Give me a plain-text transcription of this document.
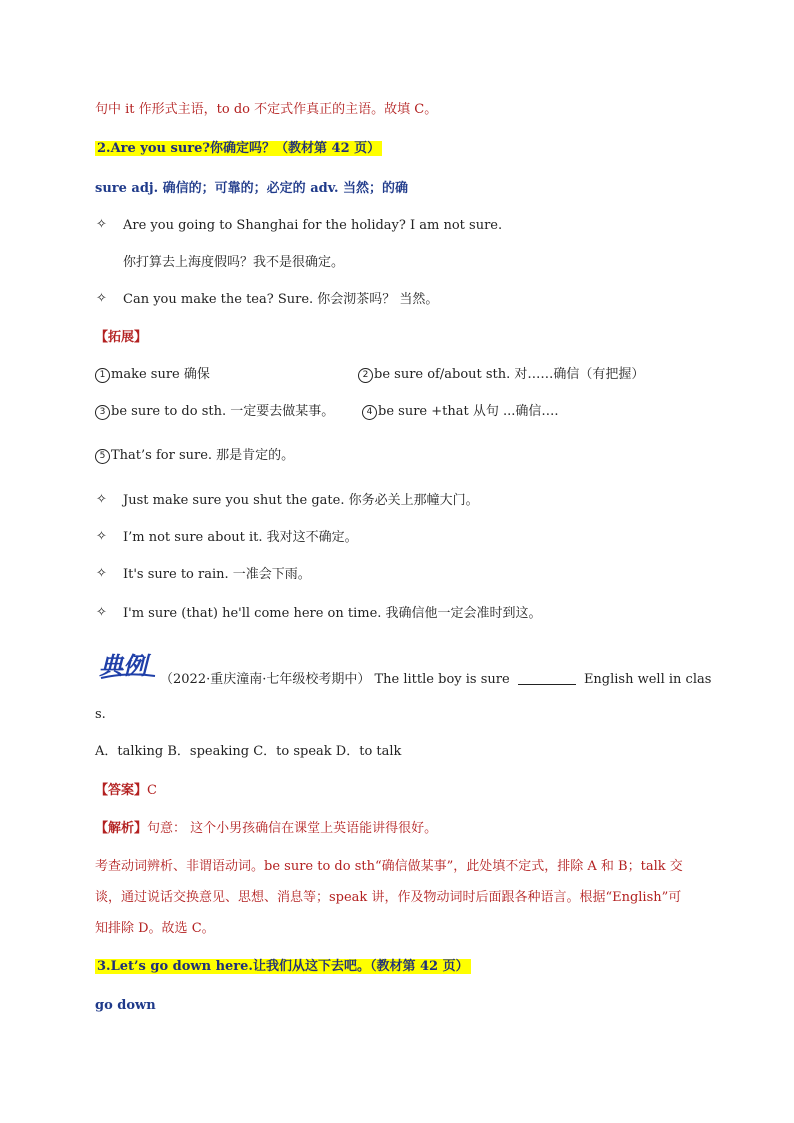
句中 it 作形式主语，to do 不定式作真正的主语。故填 C。
2.Are you sure?你确定吗？（教材第 42 页）
sure adj. 确信的；可靠的；必定的 adv. 当然；的确
✧	Are you going to Shanghai for the holiday? I am not sure.
你打算去上海度假吗？我不是很确定。
✧	Can you make the tea? Sure. 你会沏茶吗？ 当然。
【拓展】
1 make sure 确保	2 be sure of/about sth. 对……确信（有把握）
3 be sure to do sth. 一定要去做某事。	4 be sure +that 从句 ...确信….
5 That’s for sure. 那是肯定的。
✧	Just make sure you shut the gate. 你务必关上那幢大门。
✧	I’m not sure about it. 我对这不确定。
✧	It's sure to rain. 一准会下雨。
✧	I'm sure (that) he'll come here on time. 我确信他一定会准时到这。
典例	（2022·重庆潼南·七年级校考期中） The little boy is sure	English well in clas
s.
A．talking B．speaking C．to speak D．to talk
【答案】C
【解析】句意： 这个小男孩确信在课堂上英语能讲得很好。
考查动词辨析、非谓语动词。be sure to do sth“确信做某事”，此处填不定式，排除 A 和 B；talk 交
谈，通过说话交换意见、思想、消息等；speak 讲，作及物动词时后面跟各种语言。根据“English”可
知排除 D。故选 C。
3.Let’s go down here.让我们从这下去吧。（教材第 42 页）
go down
